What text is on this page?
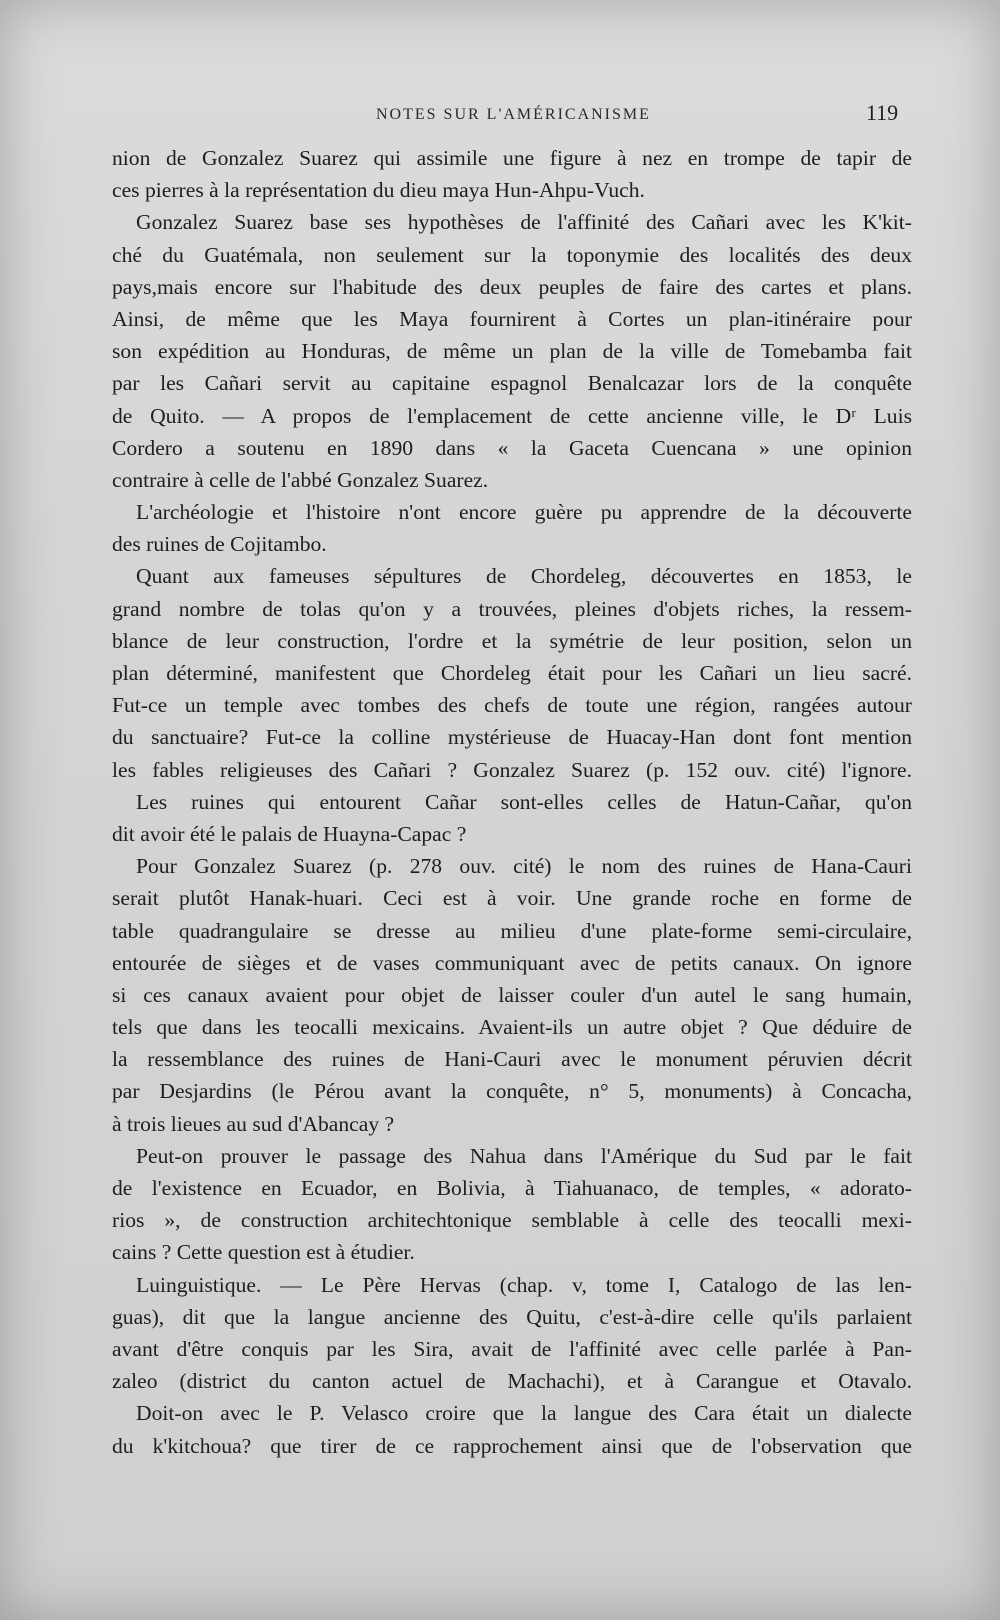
NOTES SUR L'AMÉRICANISME	119
nion de Gonzalez Suarez qui assimile une figure à nez en trompe de tapir de
ces pierres à la représentation du dieu maya Hun-Ahpu-Vuch.
Gonzalez Suarez base ses hypothèses de l'affinité des Cañari avec les K'kit-
ché du Guatémala, non seulement sur la toponymie des localités des deux
pays,mais encore sur l'habitude des deux peuples de faire des cartes et plans.
Ainsi, de même que les Maya fournirent à Cortes un plan-itinéraire pour
son expédition au Honduras, de même un plan de la ville de Tomebamba fait
par les Cañari servit au capitaine espagnol Benalcazar lors de la conquête
de Quito. — A propos de l'emplacement de cette ancienne ville, le Dʳ Luis
Cordero a soutenu en 1890 dans « la Gaceta Cuencana » une opinion
contraire à celle de l'abbé Gonzalez Suarez.
L'archéologie et l'histoire n'ont encore guère pu apprendre de la découverte
des ruines de Cojitambo.
Quant aux fameuses sépultures de Chordeleg, découvertes en 1853, le
grand nombre de tolas qu'on y a trouvées, pleines d'objets riches, la ressem-
blance de leur construction, l'ordre et la symétrie de leur position, selon un
plan déterminé, manifestent que Chordeleg était pour les Cañari un lieu sacré.
Fut-ce un temple avec tombes des chefs de toute une région, rangées autour
du sanctuaire? Fut-ce la colline mystérieuse de Huacay-Han dont font mention
les fables religieuses des Cañari ? Gonzalez Suarez (p. 152 ouv. cité) l'ignore.
Les ruines qui entourent Cañar sont-elles celles de Hatun-Cañar, qu'on
dit avoir été le palais de Huayna-Capac ?
Pour Gonzalez Suarez (p. 278 ouv. cité) le nom des ruines de Hana-Cauri
serait plutôt Hanak-huari. Ceci est à voir. Une grande roche en forme de
table quadrangulaire se dresse au milieu d'une plate-forme semi-circulaire,
entourée de sièges et de vases communiquant avec de petits canaux. On ignore
si ces canaux avaient pour objet de laisser couler d'un autel le sang humain,
tels que dans les teocalli mexicains. Avaient-ils un autre objet ? Que déduire de
la ressemblance des ruines de Hani-Cauri avec le monument péruvien décrit
par Desjardins (le Pérou avant la conquête, n° 5, monuments) à Concacha,
à trois lieues au sud d'Abancay ?
Peut-on prouver le passage des Nahua dans l'Amérique du Sud par le fait
de l'existence en Ecuador, en Bolivia, à Tiahuanaco, de temples, « adorato-
rios », de construction architechtonique semblable à celle des teocalli mexi-
cains ? Cette question est à étudier.
Luinguistique. — Le Père Hervas (chap. v, tome I, Catalogo de las len-
guas), dit que la langue ancienne des Quitu, c'est-à-dire celle qu'ils parlaient
avant d'être conquis par les Sira, avait de l'affinité avec celle parlée à Pan-
zaleo (district du canton actuel de Machachi), et à Carangue et Otavalo.
Doit-on avec le P. Velasco croire que la langue des Cara était un dialecte
du k'kitchoua? que tirer de ce rapprochement ainsi que de l'observation que
